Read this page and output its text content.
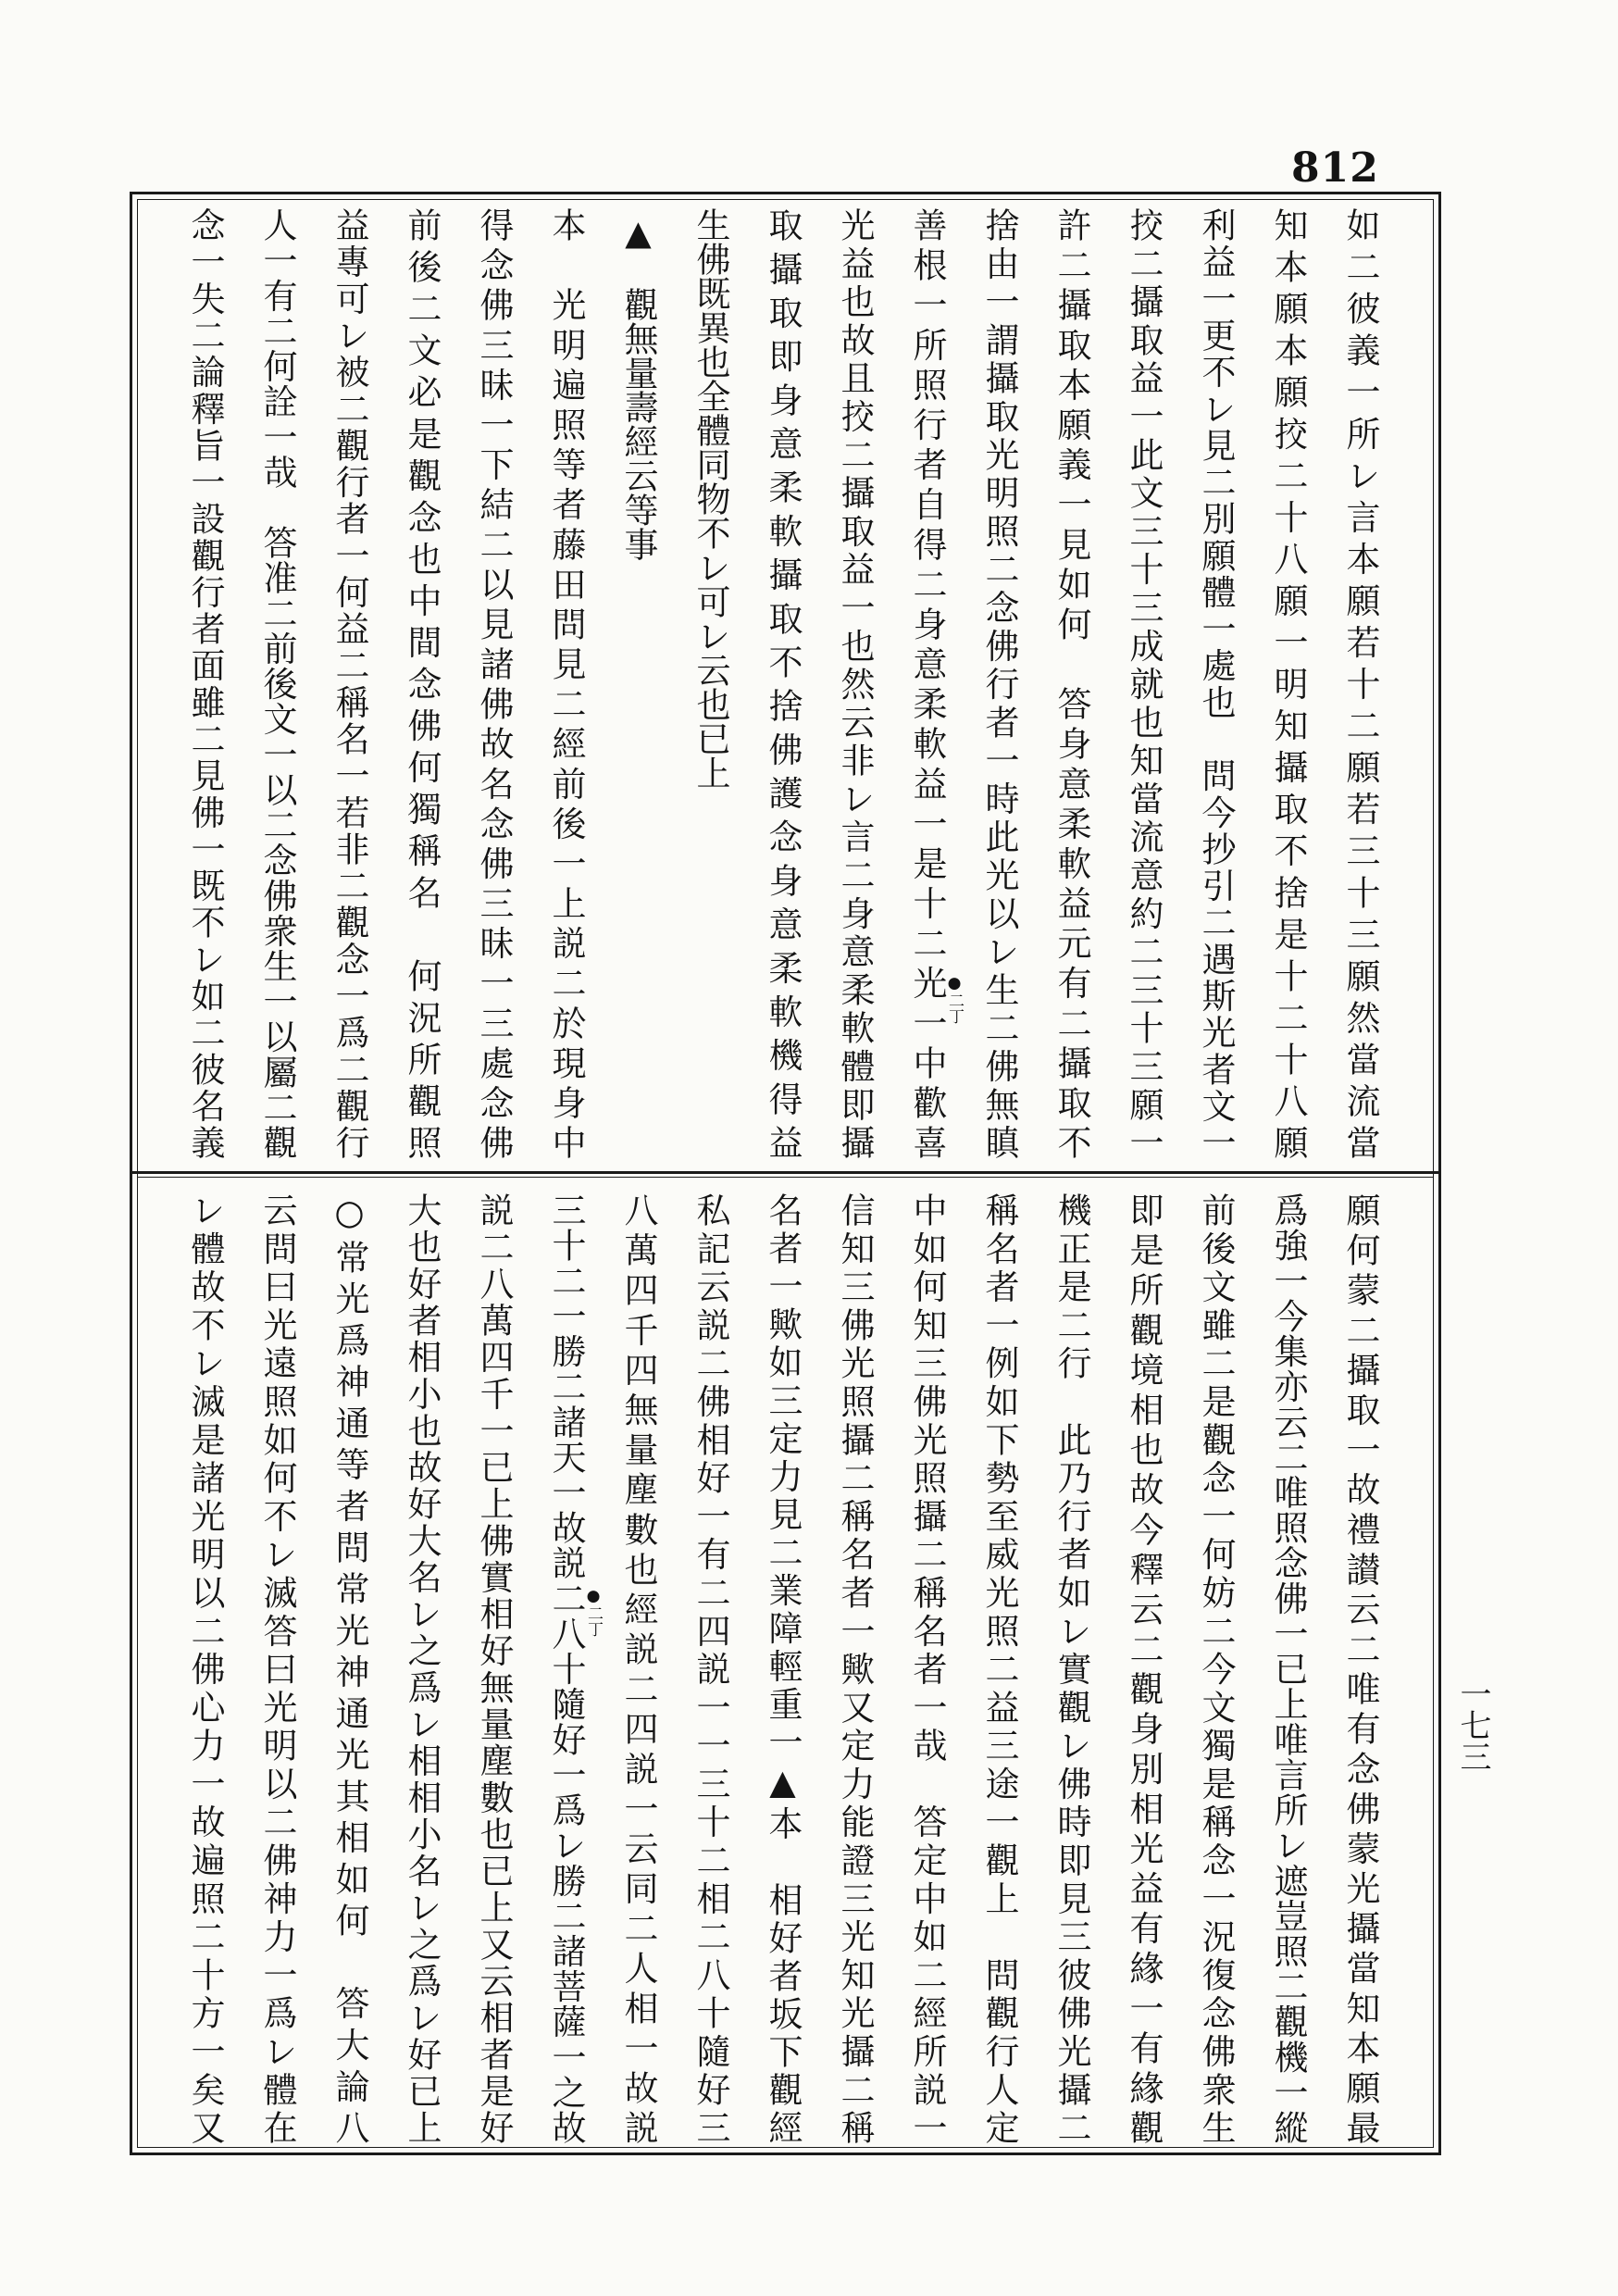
812
如二彼義一所レ言本願若十二願若三十三願然當流當
知本願本願挍二十八願一明知攝取不捨是十二十八願
利益一更不レ見二別願體一處也　問今抄引二遇斯光者文一
挍二攝取益一此文三十三成就也知當流意約二三十三願一
許二攝取本願義一見如何　答身意柔軟益元有二攝取不
捨由一謂攝取光明照二念佛行者一時此光以レ生二佛無瞋
善根一所照行者自得二身意柔軟益一是十二光一中歡喜
光益也故且挍二攝取益一也然云非レ言二身意柔軟體即攝
取攝取即身意柔軟攝取不捨佛護念身意柔軟機得益
生佛既異也全體同物不レ可レ云也已上
▲　觀無量壽經云等事
本　光明遍照等者藤田問見二經前後一上説二於現身中
得念佛三昧一下結二以見諸佛故名念佛三昧一三處念佛
前後二文必是觀念也中間念佛何獨稱名　何況所觀照
益專可レ被二觀行者一何益二稱名一若非二觀念一爲二觀行
人一有二何詮一哉　答准二前後文一以二念佛衆生一以屬二觀
念一失二論釋旨一設觀行者面雖二見佛一既不レ如二彼名義
願何蒙二攝取一故禮讃云二唯有念佛蒙光攝當知本願最
爲強一今集亦云二唯照念佛一已上唯言所レ遮豈照二觀機一縱
前後文雖二是觀念一何妨二今文獨是稱念一況復念佛衆生
即是所觀境相也故今釋云二觀身別相光益有緣一有緣觀
機正是二行　此乃行者如レ實觀レ佛時即見三彼佛光攝二
稱名者一例如下勢至威光照二益三途一觀上　問觀行人定
中如何知三佛光照攝二稱名者一哉　答定中如二經所説一
信知三佛光照攝二稱名者一歟又定力能證三光知光攝二稱
名者一歟如三定力見二業障輕重一▲本　相好者坂下觀經
私記云説二佛相好一有二四説一一三十二相二八十隨好三
八萬四千四無量塵數也經説二四説一云同二人相一故説
三十二一勝二諸天一故説二八十隨好一爲レ勝二諸菩薩一之故
説二八萬四千一已上佛實相好無量塵數也已上又云相者是好
大也好者相小也故好大名レ之爲レ相相小名レ之爲レ好已上
○常光爲神通等者問常光神通光其相如何　答大論八
云問曰光遠照如何不レ滅答曰光明以二佛神力一爲レ體在
レ體故不レ滅是諸光明以二佛心力一故遍照二十方一矣又
●二丁
●二丁
一七三
